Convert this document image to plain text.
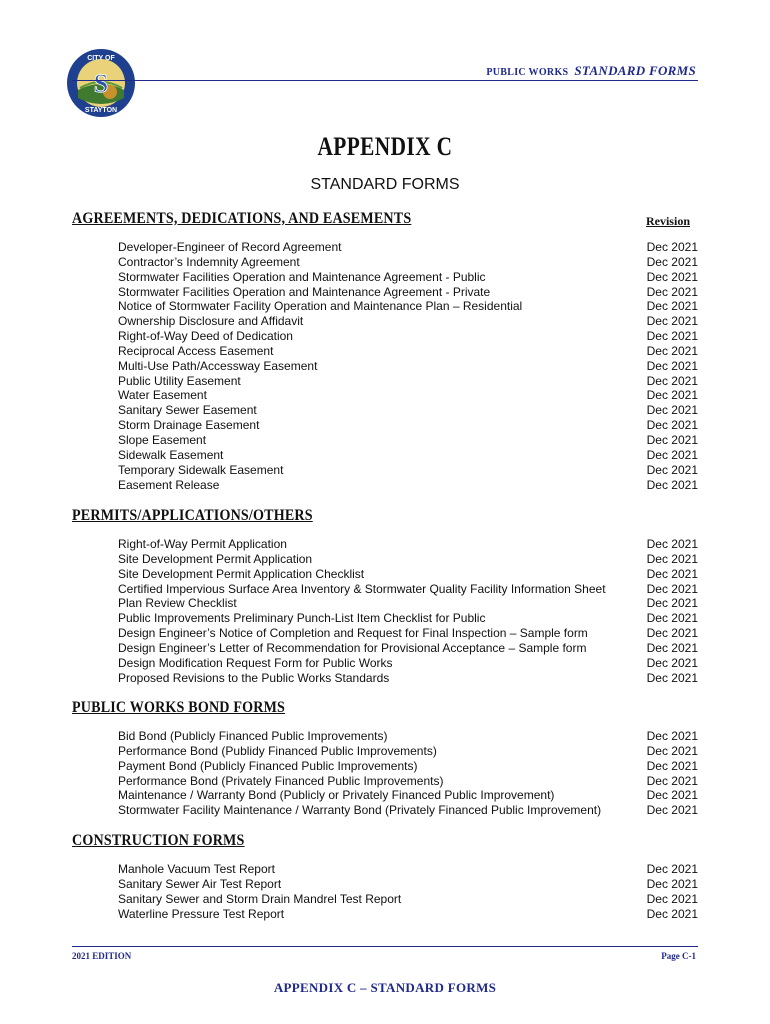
S
CITY OF
STAYTON
PUBLIC WORKS STANDARD FORMS
APPENDIX C
STANDARD FORMS
AGREEMENTS, DEDICATIONS, AND EASEMENTS	Revision
Developer-Engineer of Record Agreement	Dec 2021
Contractor’s Indemnity Agreement	Dec 2021
Stormwater Facilities Operation and Maintenance Agreement - Public	Dec 2021
Stormwater Facilities Operation and Maintenance Agreement - Private	Dec 2021
Notice of Stormwater Facility Operation and Maintenance Plan – Residential	Dec 2021
Ownership Disclosure and Affidavit	Dec 2021
Right-of-Way Deed of Dedication	Dec 2021
Reciprocal Access Easement	Dec 2021
Multi-Use Path/Accessway Easement	Dec 2021
Public Utility Easement	Dec 2021
Water Easement	Dec 2021
Sanitary Sewer Easement	Dec 2021
Storm Drainage Easement	Dec 2021
Slope Easement	Dec 2021
Sidewalk Easement	Dec 2021
Temporary Sidewalk Easement	Dec 2021
Easement Release	Dec 2021
PERMITS/APPLICATIONS/OTHERS
Right-of-Way Permit Application	Dec 2021
Site Development Permit Application	Dec 2021
Site Development Permit Application Checklist	Dec 2021
Certified Impervious Surface Area Inventory & Stormwater Quality Facility Information Sheet	Dec 2021
Plan Review Checklist	Dec 2021
Public Improvements Preliminary Punch-List Item Checklist for Public	Dec 2021
Design Engineer’s Notice of Completion and Request for Final Inspection – Sample form	Dec 2021
Design Engineer’s Letter of Recommendation for Provisional Acceptance – Sample form	Dec 2021
Design Modification Request Form for Public Works	Dec 2021
Proposed Revisions to the Public Works Standards	Dec 2021
PUBLIC WORKS BOND FORMS
Bid Bond (Publicly Financed Public Improvements)	Dec 2021
Performance Bond (Publidy Financed Public Improvements)	Dec 2021
Payment Bond (Publicly Financed Public Improvements)	Dec 2021
Performance Bond (Privately Financed Public Improvements)	Dec 2021
Maintenance / Warranty Bond (Publicly or Privately Financed Public Improvement)	Dec 2021
Stormwater Facility Maintenance / Warranty Bond (Privately Financed Public Improvement)	Dec 2021
CONSTRUCTION FORMS
Manhole Vacuum Test Report	Dec 2021
Sanitary Sewer Air Test Report	Dec 2021
Sanitary Sewer and Storm Drain Mandrel Test Report	Dec 2021
Waterline Pressure Test Report	Dec 2021
2021 EDITION	Page C-1
APPENDIX C – STANDARD FORMS
